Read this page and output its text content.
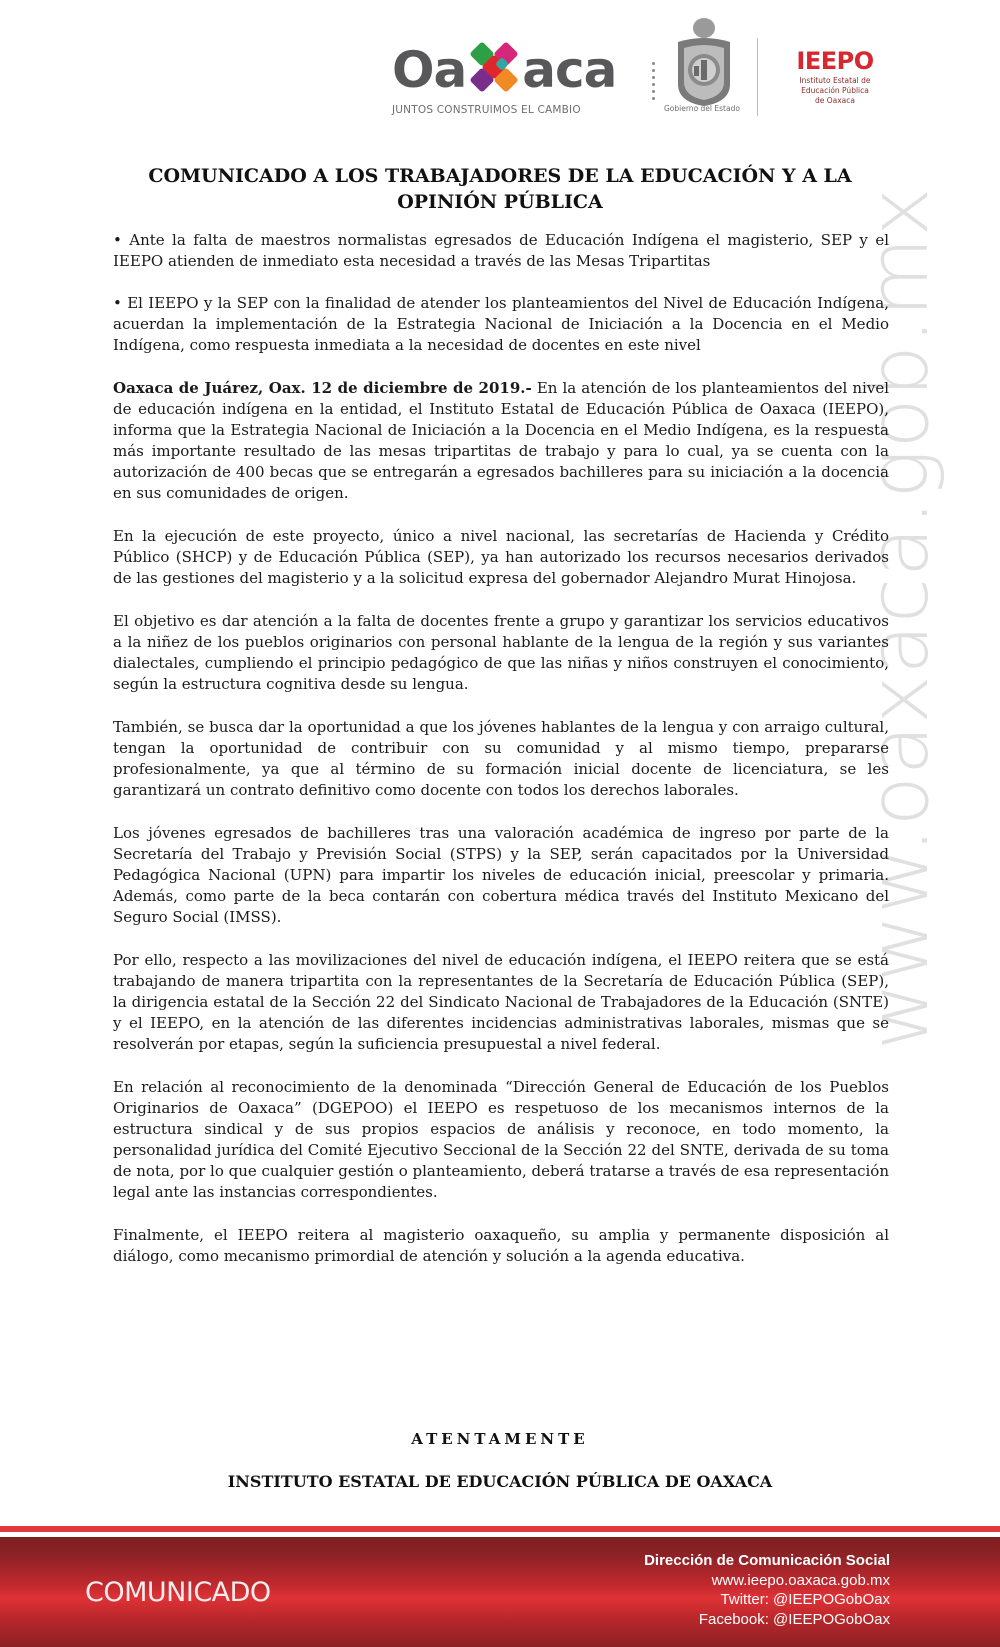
Oa aca
JUNTOS CONSTRUIMOS EL CAMBIO	Gobierno del Estado
IEEPO
Instituto Estatal de
Educación Pública
de Oaxaca
www.oaxaca.gob.mx
COMUNICADO A LOS TRABAJADORES DE LA EDUCACIÓN Y A LA OPINIÓN PÚBLICA

• Ante la falta de maestros normalistas egresados de Educación Indígena el magisterio, SEP y el IEEPO atienden de inmediato esta necesidad a través de las Mesas Tripartitas

• El IEEPO y la SEP con la finalidad de atender los planteamientos del Nivel de Educación Indígena, acuerdan la implementación de la Estrategia Nacional de Iniciación a la Docencia en el Medio Indígena, como respuesta inmediata a la necesidad de docentes en este nivel

Oaxaca de Juárez, Oax. 12 de diciembre de 2019.- En la atención de los planteamientos del nivel de educación indígena en la entidad, el Instituto Estatal de Educación Pública de Oaxaca (IEEPO), informa que la Estrategia Nacional de Iniciación a la Docencia en el Medio Indígena, es la respuesta más importante resultado de las mesas tripartitas de trabajo y para lo cual, ya se cuenta con la autorización de 400 becas que se entregarán a egresados bachilleres para su iniciación a la docencia en sus comunidades de origen.

En la ejecución de este proyecto, único a nivel nacional, las secretarías de Hacienda y Crédito Público (SHCP) y de Educación Pública (SEP), ya han autorizado los recursos necesarios derivados de las gestiones del magisterio y a la solicitud expresa del gobernador Alejandro Murat Hinojosa.

El objetivo es dar atención a la falta de docentes frente a grupo y garantizar los servicios educativos a la niñez de los pueblos originarios con personal hablante de la lengua de la región y sus variantes dialectales, cumpliendo el principio pedagógico de que las niñas y niños construyen el conocimiento, según la estructura cognitiva desde su lengua.

También, se busca dar la oportunidad a que los jóvenes hablantes de la lengua y con arraigo cultural, tengan la oportunidad de contribuir con su comunidad y al mismo tiempo, prepararse profesionalmente, ya que al término de su formación inicial docente de licenciatura, se les garantizará un contrato definitivo como docente con todos los derechos laborales.

Los jóvenes egresados de bachilleres tras una valoración académica de ingreso por parte de la Secretaría del Trabajo y Previsión Social (STPS) y la SEP, serán capacitados por la Universidad Pedagógica Nacional (UPN) para impartir los niveles de educación inicial, preescolar y primaria. Además, como parte de la beca contarán con cobertura médica través del Instituto Mexicano del Seguro Social (IMSS).

Por ello, respecto a las movilizaciones del nivel de educación indígena, el IEEPO reitera que se está trabajando de manera tripartita con la representantes de la Secretaría de Educación Pública (SEP), la dirigencia estatal de la Sección 22 del Sindicato Nacional de Trabajadores de la Educación (SNTE) y el IEEPO, en la atención de las diferentes incidencias administrativas laborales, mismas que se resolverán por etapas, según la suficiencia presupuestal a nivel federal.

En relación al reconocimiento de la denominada “Dirección General de Educación de los Pueblos Originarios de Oaxaca” (DGEPOO) el IEEPO es respetuoso de los mecanismos internos de la estructura sindical y de sus propios espacios de análisis y reconoce, en todo momento, la personalidad jurídica del Comité Ejecutivo Seccional de la Sección 22 del SNTE, derivada de su toma de nota, por lo que cualquier gestión o planteamiento, deberá tratarse a través de esa representación legal ante las instancias correspondientes.

Finalmente, el IEEPO reitera al magisterio oaxaqueño, su amplia y permanente disposición al diálogo, como mecanismo primordial de atención y solución a la agenda educativa.

ATENTAMENTE
INSTITUTO ESTATAL DE EDUCACIÓN PÚBLICA DE OAXACA
COMUNICADO
Dirección de Comunicación Social
www.ieepo.oaxaca.gob.mx
Twitter: @IEEPOGobOax
Facebook: @IEEPOGobOax
